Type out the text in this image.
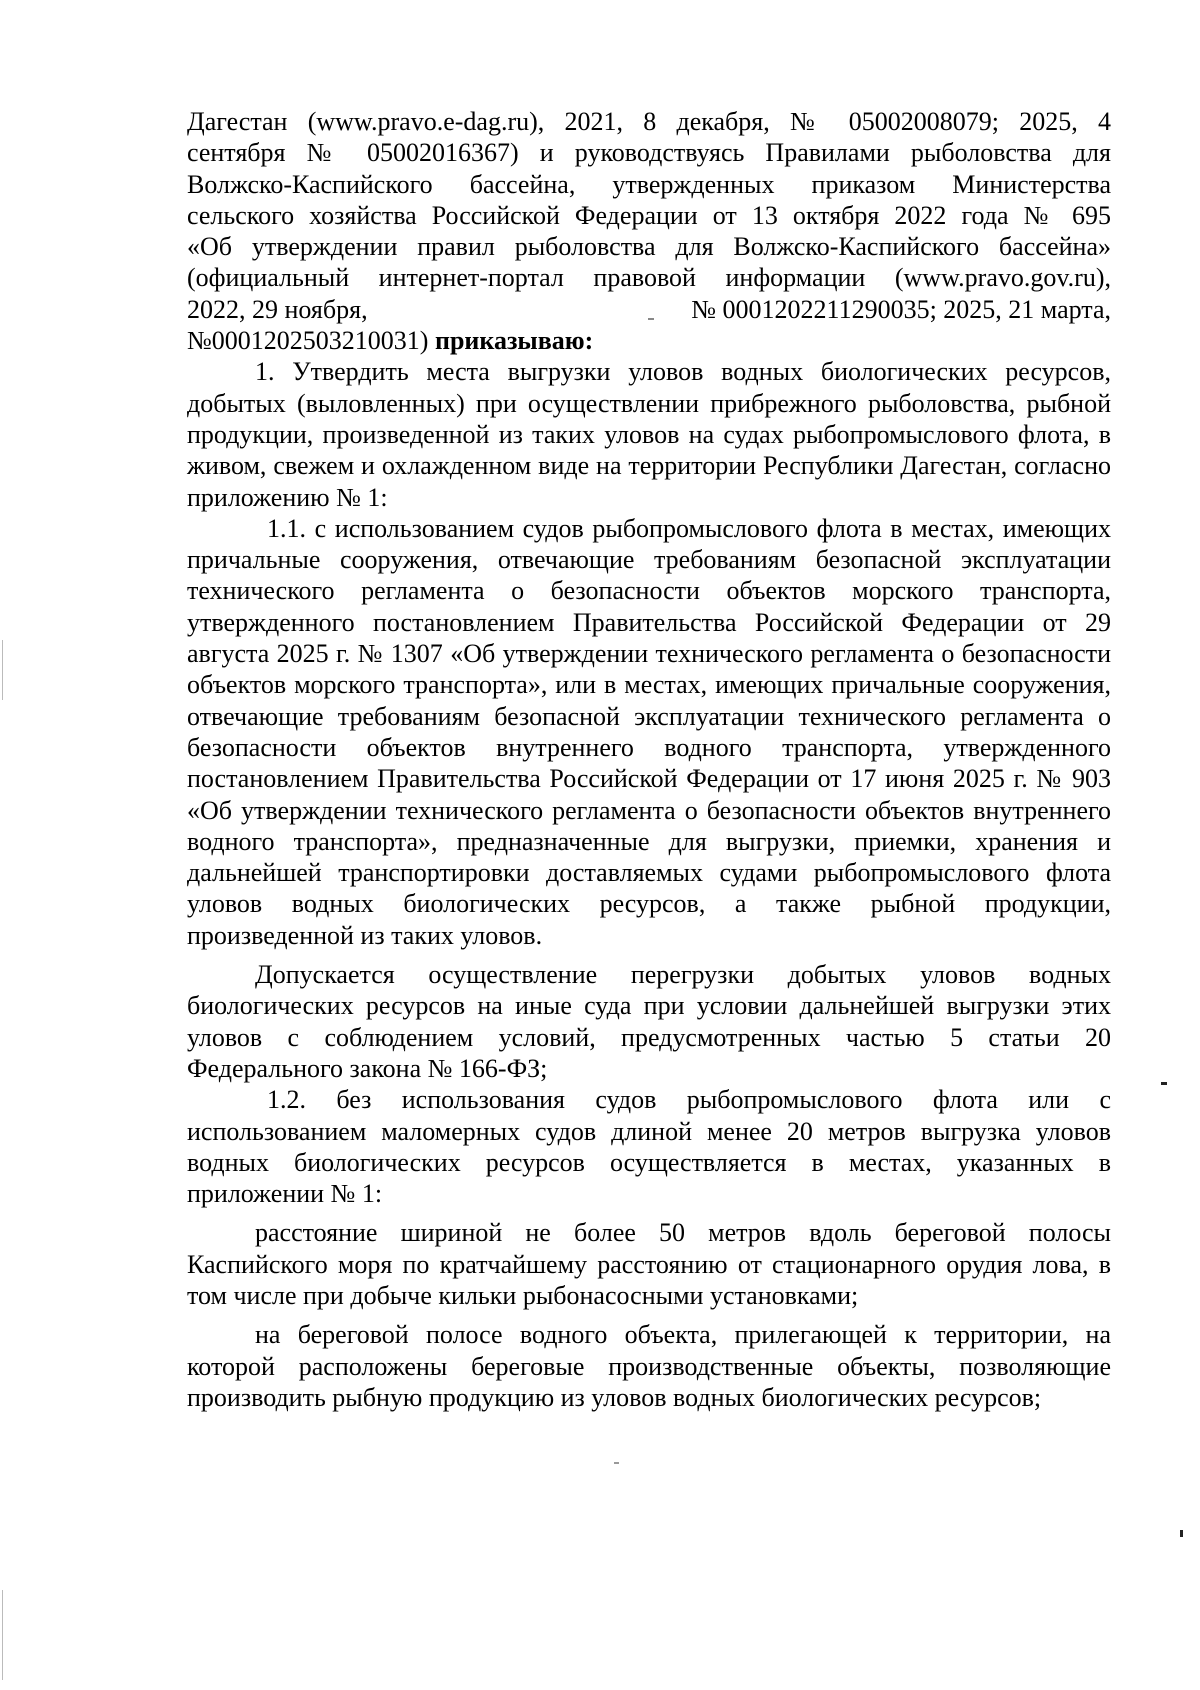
Дагестан (www.pravo.e-dag.ru), 2021, 8 декабря, № 05002008079; 2025, 4
сентября № 05002016367) и руководствуясь Правилами рыболовства для
Волжско-Каспийского бассейна, утвержденных приказом Министерства
сельского хозяйства Российской Федерации от 13 октября 2022 года № 695
«Об утверждении правил рыболовства для Волжско-Каспийского бассейна»
(официальный интернет-портал правовой информации (www.pravo.gov.ru),
2022, 29 ноября,	№ 0001202211290035; 2025, 21 марта,
№0001202503210031) приказываю:

1. Утвердить места выгрузки уловов водных биологических ресурсов, добытых (выловленных) при осуществлении прибрежного рыболовства, рыбной продукции, произведенной из таких уловов на судах рыбопромыслового флота, в живом, свежем и охлажденном виде на территории Республики Дагестан, согласно приложению № 1:

1.1. с использованием судов рыбопромыслового флота в местах, имеющих причальные сооружения, отвечающие требованиям безопасной эксплуатации технического регламента о безопасности объектов морского транспорта, утвержденного постановлением Правительства Российской Федерации от 29 августа 2025 г. № 1307 «Об утверждении технического регламента о безопасности объектов морского транспорта», или в местах, имеющих причальные сооружения, отвечающие требованиям безопасной эксплуатации технического регламента о безопасности объектов внутреннего водного транспорта, утвержденного постановлением Правительства Российской Федерации от 17 июня 2025 г. № 903 «Об утверждении технического регламента о безопасности объектов внутреннего водного транспорта», предназначенные для выгрузки, приемки, хранения и дальнейшей транспортировки доставляемых судами рыбопромыслового флота уловов водных биологических ресурсов, а также рыбной продукции, произведенной из таких уловов.

Допускается осуществление перегрузки добытых уловов водных биологических ресурсов на иные суда при условии дальнейшей выгрузки этих уловов с соблюдением условий, предусмотренных частью 5 статьи 20 Федерального закона № 166-ФЗ;

1.2. без использования судов рыбопромыслового флота или с использованием маломерных судов длиной менее 20 метров выгрузка уловов водных биологических ресурсов осуществляется в местах, указанных в приложении № 1:

расстояние шириной не более 50 метров вдоль береговой полосы Каспийского моря по кратчайшему расстоянию от стационарного орудия лова, в том числе при добыче кильки рыбонасосными установками;

на береговой полосе водного объекта, прилегающей к территории, на которой расположены береговые производственные объекты, позволяющие производить рыбную продукцию из уловов водных биологических ресурсов;
